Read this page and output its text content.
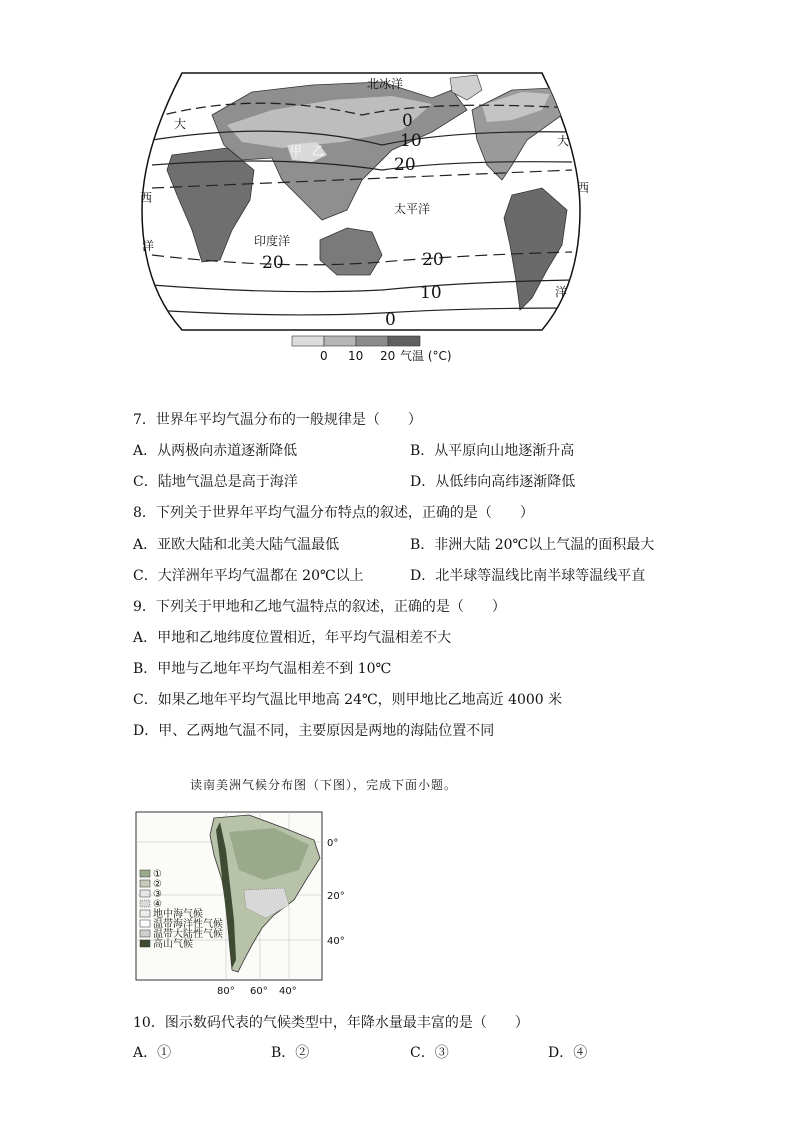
北冰洋
大
西
洋
大
西
洋
太平洋
印度洋
甲 乙
0
10
20
20	20
10
0
0 10 20 气温 (°C)
7．世界年平均气温分布的一般规律是（　　）
A．从两极向赤道逐渐降低	B．从平原向山地逐渐升高
C．陆地气温总是高于海洋	D．从低纬向高纬逐渐降低
8．下列关于世界年平均气温分布特点的叙述，正确的是（　　）
A．亚欧大陆和北美大陆气温最低	B．非洲大陆 20℃以上气温的面积最大
C．大洋洲年平均气温都在 20℃以上	D．北半球等温线比南半球等温线平直
9．下列关于甲地和乙地气温特点的叙述，正确的是（　　）
A．甲地和乙地纬度位置相近，年平均气温相差不大
B．甲地与乙地年平均气温相差不到 10℃
C．如果乙地年平均气温比甲地高 24℃，则甲地比乙地高近 4000 米
D．甲、乙两地气温不同，主要原因是两地的海陆位置不同
读南美洲气候分布图（下图），完成下面小题。
①
②
③
④
地中海气候
温带海洋性气候
温带大陆性气候
高山气候
0°
20°
40°
80° 60° 40°
10．图示数码代表的气候类型中，年降水量最丰富的是（　　）
A．①	B．②	C．③	D．④
